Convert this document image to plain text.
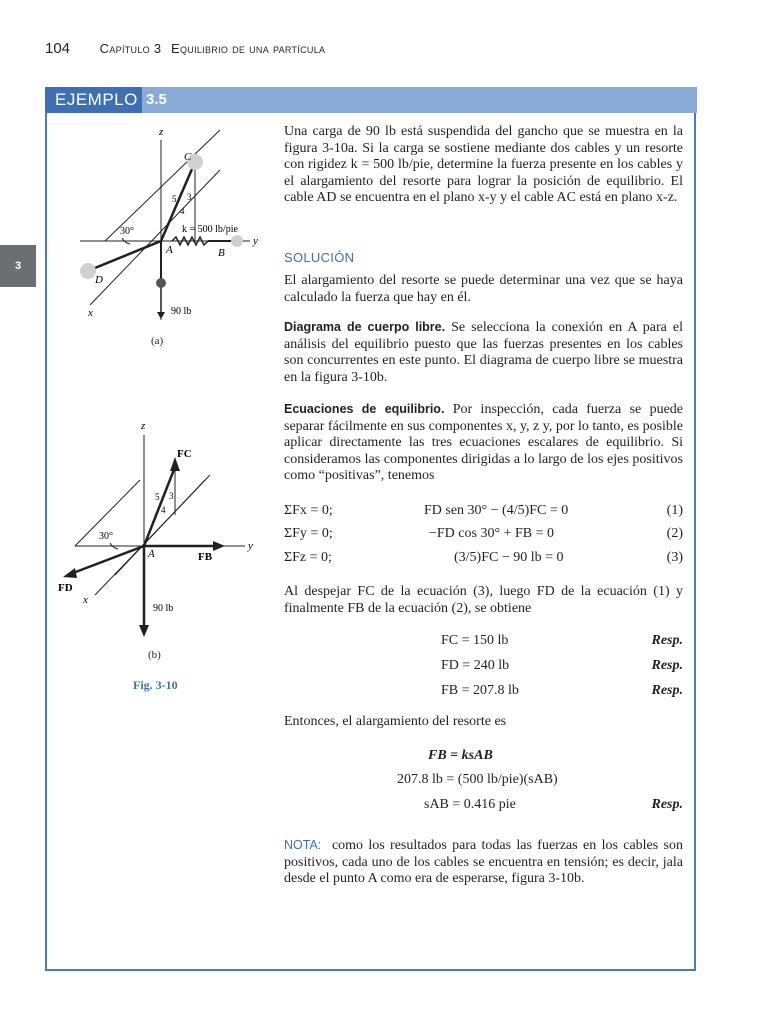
104 Capítulo 3 Equilibrio de una partícula
3
EJEMPLO 3.5
z
y
x
C
D
A	B
30°
5 3
4
k = 500 lb/pie
90 lb
(a)
z
y
x
A
30°
FC
FB
FD
5 3
4
90 lb
(b)
Fig. 3-10

Una carga de 90 lb está suspendida del gancho que se muestra en la figura 3-10a. Si la carga se sostiene mediante dos cables y un resorte con rigidez k = 500 lb/pie, determine la fuerza presente en los cables y el alargamiento del resorte para lograr la posición de equilibrio. El cable AD se encuentra en el plano x-y y el cable AC está en plano x-z.

SOLUCIÓN

El alargamiento del resorte se puede determinar una vez que se haya calculado la fuerza que hay en él.

Diagrama de cuerpo libre. Se selecciona la conexión en A para el análisis del equilibrio puesto que las fuerzas presentes en los cables son concurrentes en este punto. El diagrama de cuerpo libre se muestra en la figura 3-10b.

Ecuaciones de equilibrio. Por inspección, cada fuerza se puede separar fácilmente en sus componentes x, y, z y, por lo tanto, es posible aplicar directamente las tres ecuaciones escalares de equilibrio. Si consideramos las componentes dirigidas a lo largo de los ejes positivos como “positivas”, tenemos

ΣFx = 0;	FD sen 30° − (4/5)FC = 0	(1)
ΣFy = 0;	−FD cos 30° + FB = 0	(2)
ΣFz = 0;	(3/5)FC − 90 lb = 0	(3)

Al despejar FC de la ecuación (3), luego FD de la ecuación (1) y finalmente FB de la ecuación (2), se obtiene

FC = 150 lb	Resp.
FD = 240 lb	Resp.
FB = 207.8 lb	Resp.

Entonces, el alargamiento del resorte es

FB = ksAB
207.8 lb = (500 lb/pie)(sAB)
sAB = 0.416 pie	Resp.

NOTA: como los resultados para todas las fuerzas en los cables son positivos, cada uno de los cables se encuentra en tensión; es decir, jala desde el punto A como era de esperarse, figura 3-10b.
